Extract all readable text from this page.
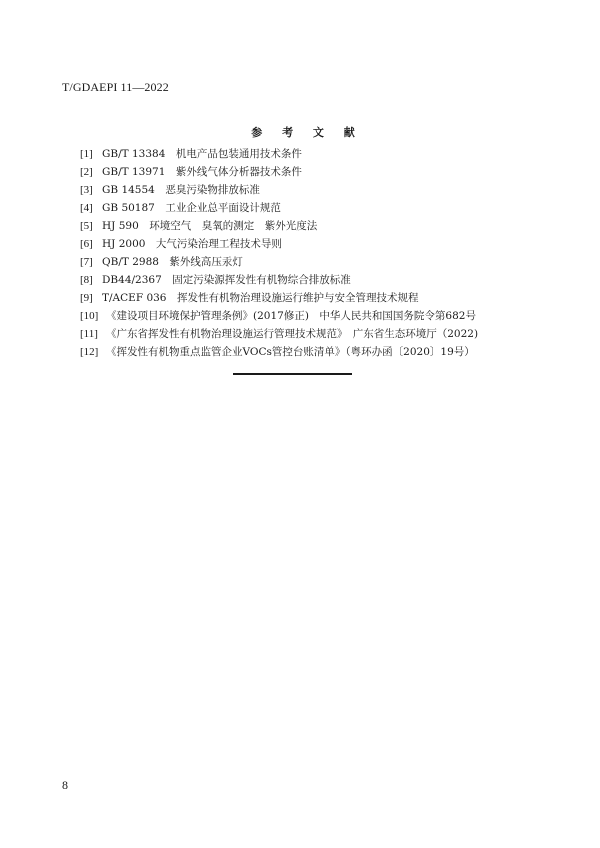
T/GDAEPI 11—2022
参 考 文 献
[1] GB/T 13384　机电产品包装通用技术条件
[2] GB/T 13971　紫外线气体分析器技术条件
[3] GB 14554　恶臭污染物排放标准
[4] GB 50187　工业企业总平面设计规范
[5] HJ 590　环境空气　臭氧的测定　紫外光度法
[6] HJ 2000　大气污染治理工程技术导则
[7] QB/T 2988　紫外线高压汞灯
[8] DB44/2367　固定污染源挥发性有机物综合排放标准
[9] T/ACEF 036　挥发性有机物治理设施运行维护与安全管理技术规程
[10] 《建设项目环境保护管理条例》(2017修正)　中华人民共和国国务院令第682号
[11] 《广东省挥发性有机物治理设施运行管理技术规范》　广东省生态环境厅（2022)
[12] 《挥发性有机物重点监管企业VOCs管控台账清单》（粤环办函〔2020〕19号）
8
